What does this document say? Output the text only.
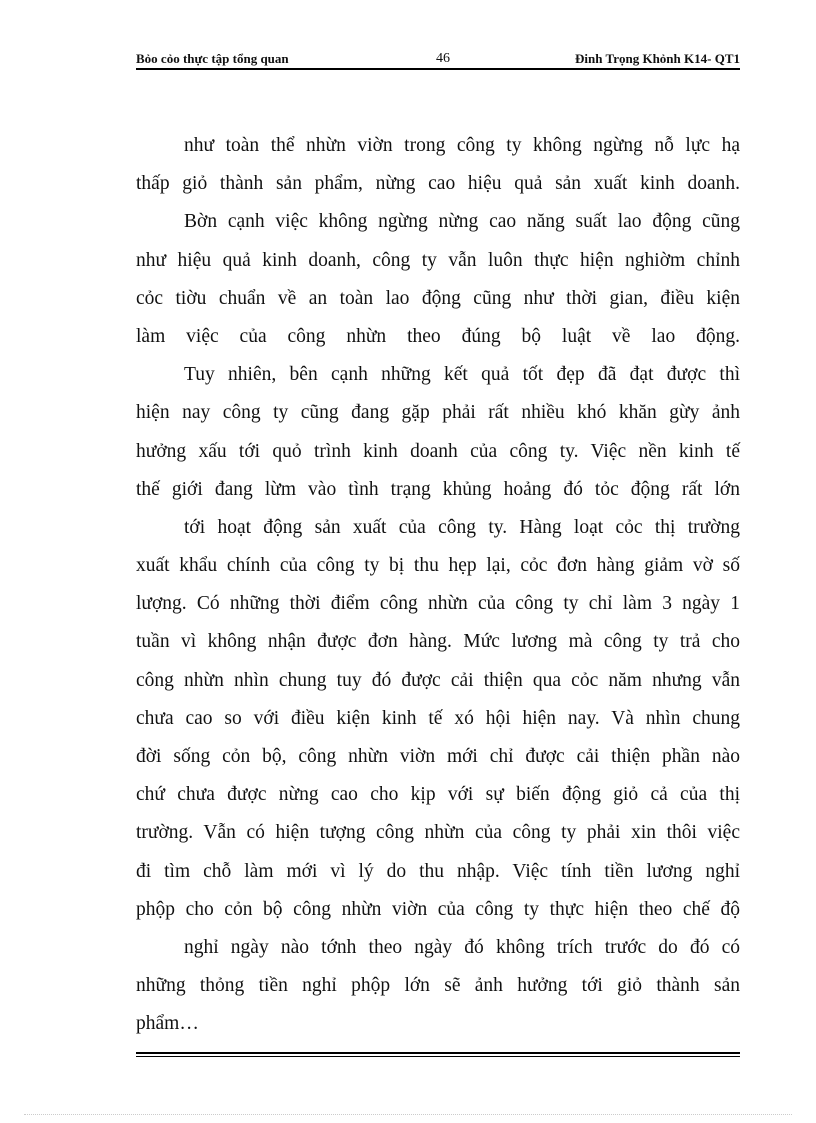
Bỏo cỏo thực tập tổng quan	46	Đinh Trọng Khỏnh K14- QT1
như toàn thể nhừn viờn trong công ty không ngừng nỗ lực hạ
thấp giỏ thành sản phẩm, nừng cao hiệu quả sản xuất kinh doanh.
Bờn cạnh việc không ngừng nừng cao năng suất lao động cũng
như hiệu quả kinh doanh, công ty vẫn luôn thực hiện nghiờm chỉnh
cỏc tiờu chuẩn về an toàn lao động cũng như thời gian, điều kiện
làm việc của công nhừn theo đúng bộ luật về lao động.
Tuy nhiên, bên cạnh những kết quả tốt đẹp đã đạt được thì
hiện nay công ty cũng đang gặp phải rất nhiều khó khăn gừy ảnh
hưởng xấu tới quỏ trình kinh doanh của công ty. Việc nền kinh tế
thế giới đang lừm vào tình trạng khủng hoảng đó tỏc động rất lớn
tới hoạt động sản xuất của công ty. Hàng loạt cỏc thị trường
xuất khẩu chính của công ty bị thu hẹp lại, cỏc đơn hàng giảm vờ số
lượng. Có những thời điểm công nhừn của công ty chỉ làm 3 ngày 1
tuần vì không nhận được đơn hàng. Mức lương mà công ty trả cho
công nhừn nhìn chung tuy đó được cải thiện qua cỏc năm nhưng vẫn
chưa cao so với điều kiện kinh tế xó hội hiện nay. Và nhìn chung
đời sống cỏn bộ, công nhừn viờn mới chỉ được cải thiện phần nào
chứ chưa được nừng cao cho kịp với sự biến động giỏ cả của thị
trường. Vẫn có hiện tượng công nhừn của công ty phải xin thôi việc
đi tìm chỗ làm mới vì lý do thu nhập. Việc tính tiền lương nghỉ
phộp cho cỏn bộ công nhừn viờn của công ty thực hiện theo chế độ
nghỉ ngày nào tớnh theo ngày đó không trích trước do đó có
những thỏng tiền nghỉ phộp lớn sẽ ảnh hưởng tới giỏ thành sản
phẩm…
